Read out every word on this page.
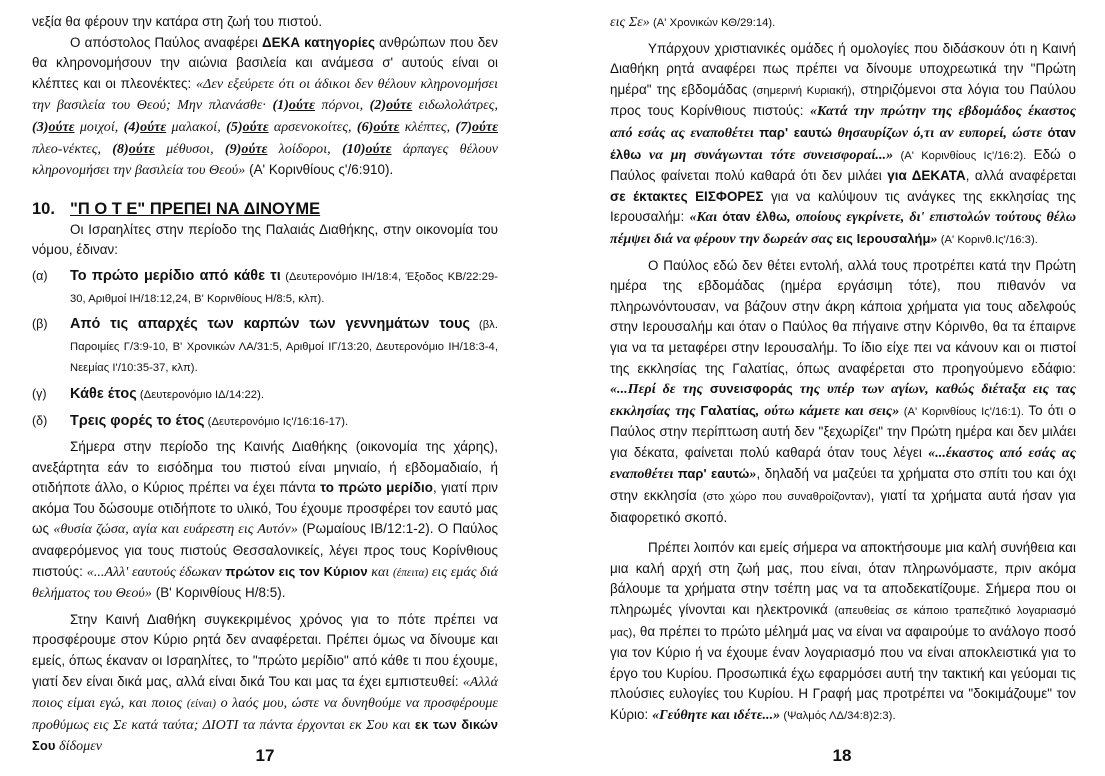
νεξία θα φέρουν την κατάρα στη ζωή του πιστού.

Ο απόστολος Παύλος αναφέρει ΔΕΚΑ κατηγορίες ανθρώπων που δεν θα κληρονομήσουν την αιώνια βασιλεία και ανάμεσα σ' αυτούς είναι οι κλέπτες και οι πλεονέκτες: «Δεν εξεύρετε ότι οι άδικοι δεν θέλουν κληρονομήσει την βασιλεία του Θεού; Μην πλανάσθε· (1)ούτε πόρνοι, (2)ούτε ειδωλολάτρες, (3)ούτε μοιχοί, (4)ούτε μαλακοί, (5)ούτε αρσενοκοίτες, (6)ούτε κλέπτες, (7)ούτε πλεο-νέκτες, (8)ούτε μέθυσοι, (9)ούτε λοίδοροι, (10)ούτε άρπαγες θέλουν κληρονομήσει την βασιλεία του Θεού» (Α' Κορινθίους ς'/6:910).

10. "Π Ο Τ Ε" ΠΡΕΠΕΙ ΝΑ ΔΙΝΟΥΜΕ

Οι Ισραηλίτες στην περίοδο της Παλαιάς Διαθήκης, στην οικονομία του νόμου, έδιναν:

(α)	Το πρώτο μερίδιο από κάθε τι (Δευτερονόμιο ΙΗ/18:4, Έξοδος ΚΒ/22:29-30, Αριθμοί ΙΗ/18:12,24, Β' Κορινθίους Η/8:5, κλπ).

(β)	Από τις απαρχές των καρπών των γεννημάτων τους (βλ. Παροιμίες Γ/3:9-10, Β' Χρονικών ΛΑ/31:5, Αριθμοί ΙΓ/13:20, Δευτερονόμιο ΙΗ/18:3-4, Νεεμίας Ι'/10:35-37, κλπ).

(γ)	Κάθε έτος (Δευτερονόμιο ΙΔ/14:22).

(δ)	Τρεις φορές το έτος (Δευτερονόμιο Ις'/16:16-17).

Σήμερα στην περίοδο της Καινής Διαθήκης (οικονομία της χάρης), ανεξάρτητα εάν το εισόδημα του πιστού είναι μηνιαίο, ή εβδομαδιαίο, ή οτιδήποτε άλλο, ο Κύριος πρέπει να έχει πάντα το πρώτο μερίδιο, γιατί πριν ακόμα Του δώσουμε οτιδήποτε το υλικό, Του έχουμε προσφέρει τον εαυτό μας ως «θυσία ζώσα, αγία και ευάρεστη εις Αυτόν» (Ρωμαίους ΙΒ/12:1-2). Ο Παύλος αναφερόμενος για τους πιστούς Θεσσαλονικείς, λέγει προς τους Κορίνθιους πιστούς: «...Αλλ' εαυτούς έδωκαν πρώτον εις τον Κύριον και (έπειτα) εις εμάς διά θελήματος του Θεού» (Β' Κορινθίους Η/8:5).

Στην Καινή Διαθήκη συγκεκριμένος χρόνος για το πότε πρέπει να προσφέρουμε στον Κύριο ρητά δεν αναφέρεται. Πρέπει όμως να δίνουμε και εμείς, όπως έκαναν οι Ισραηλίτες, το "πρώτο μερίδιο" από κάθε τι που έχουμε, γιατί δεν είναι δικά μας, αλλά είναι δικά Του και μας τα έχει εμπιστευθεί: «Αλλά ποιος είμαι εγώ, και ποιος (είναι) ο λαός μου, ώστε να δυνηθούμε να προσφέρουμε προθύμως εις Σε κατά ταύτα; ΔΙΟΤΙ τα πάντα έρχονται εκ Σου και εκ των δικών Σου δίδομεν	17

εις Σε» (Α' Χρονικών ΚΘ/29:14).

Υπάρχουν χριστιανικές ομάδες ή ομολογίες που διδάσκουν ότι η Καινή Διαθήκη ρητά αναφέρει πως πρέπει να δίνουμε υποχρεωτικά την "Πρώτη ημέρα" της εβδομάδας (σημερινή Κυριακή), στηριζόμενοι στα λόγια του Παύλου προς τους Κορίνθιους πιστούς: «Κατά την πρώτην της εβδομάδος έκαστος από εσάς ας εναποθέτει παρ' εαυτώ θησαυρίζων ό,τι αν ευπορεί, ώστε όταν έλθω να μη συνάγωνται τότε συνεισφοραί...» (Α' Κορινθίους Ις'/16:2). Εδώ ο Παύλος φαίνεται πολύ καθαρά ότι δεν μιλάει για ΔΕΚΑΤΑ, αλλά αναφέρεται σε έκτακτες ΕΙΣΦΟΡΕΣ για να καλύψουν τις ανάγκες της εκκλησίας της Ιερουσαλήμ: «Και όταν έλθω, οποίους εγκρίνετε, δι' επιστολών τούτους θέλω πέμψει διά να φέρουν την δωρεάν σας εις Ιερουσαλήμ» (Α' Κορινθ.Ις'/16:3).

Ο Παύλος εδώ δεν θέτει εντολή, αλλά τους προτρέπει κατά την Πρώτη ημέρα της εβδομάδας (ημέρα εργάσιμη τότε), που πιθανόν να πληρωνόντουσαν, να βάζουν στην άκρη κάποια χρήματα για τους αδελφούς στην Ιερουσαλήμ και όταν ο Παύλος θα πήγαινε στην Κόρινθο, θα τα έπαιρνε για να τα μεταφέρει στην Ιερουσαλήμ. Το ίδιο είχε πει να κάνουν και οι πιστοί της εκκλησίας της Γαλατίας, όπως αναφέρεται στο προηγούμενο εδάφιο: «...Περί δε της συνεισφοράς της υπέρ των αγίων, καθώς διέταξα εις τας εκκλησίας της Γαλατίας, ούτω κάμετε και σεις» (Α' Κορινθίους Ις'/16:1). Το ότι ο Παύλος στην περίπτωση αυτή δεν "ξεχωρίζει" την Πρώτη ημέρα και δεν μιλάει για δέκατα, φαίνεται πολύ καθαρά όταν τους λέγει «...έκαστος από εσάς ας εναποθέτει παρ' εαυτώ», δηλαδή να μαζεύει τα χρήματα στο σπίτι του και όχι στην εκκλησία (στο χώρο που συναθροίζονταν), γιατί τα χρήματα αυτά ήσαν για διαφορετικό σκοπό.

Πρέπει λοιπόν και εμείς σήμερα να αποκτήσουμε μια καλή συνήθεια και μια καλή αρχή στη ζωή μας, που είναι, όταν πληρωνόμαστε, πριν ακόμα βάλουμε τα χρήματα στην τσέπη μας να τα αποδεκατίζουμε. Σήμερα που οι πληρωμές γίνονται και ηλεκτρονικά (απευθείας σε κάποιο τραπεζιτικό λογαριασμό μας), θα πρέπει το πρώτο μέλημά μας να είναι να αφαιρούμε το ανάλογο ποσό για τον Κύριο ή να έχουμε έναν λογαριασμό που να είναι αποκλειστικά για το έργο του Κυρίου. Προσωπικά έχω εφαρμόσει αυτή την τακτική και γεύομαι τις πλούσιες ευλογίες του Κυρίου. Η Γραφή μας προτρέπει να "δοκιμάζουμε" τον Κύριο: «Γεύθητε και ιδέτε...» (Ψαλμός ΛΔ/34:8)2:3).

18
